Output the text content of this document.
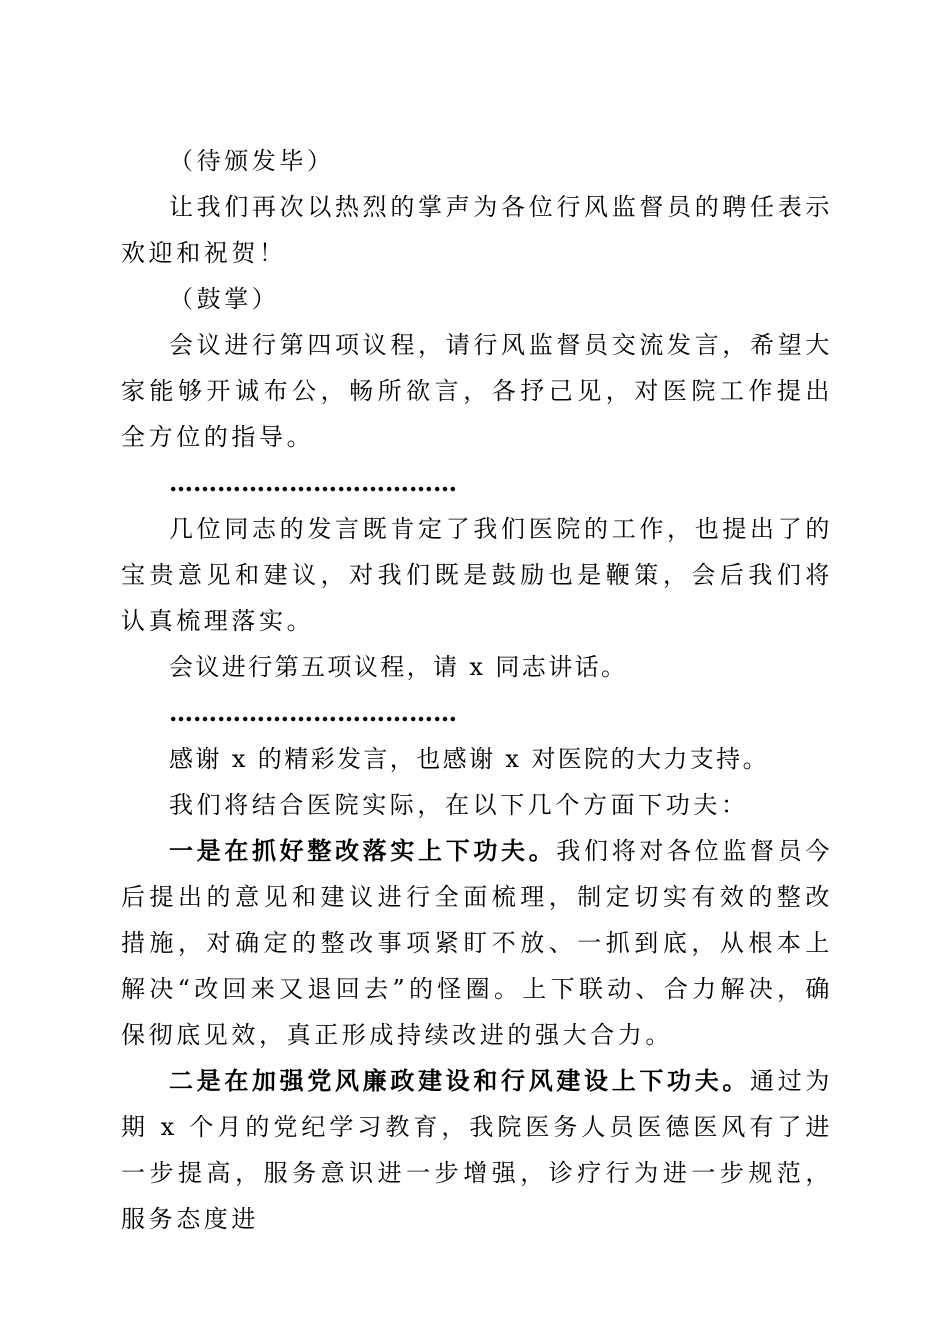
（待颁发毕）

让我们再次以热烈的掌声为各位行风监督员的聘任表示欢迎和祝贺！

（鼓掌）

会议进行第四项议程，请行风监督员交流发言，希望大家能够开诚布公，畅所欲言，各抒己见，对医院工作提出全方位的指导。

………………………………

几位同志的发言既肯定了我们医院的工作，也提出了的宝贵意见和建议，对我们既是鼓励也是鞭策，会后我们将认真梳理落实。

会议进行第五项议程，请 x 同志讲话。

………………………………

感谢 x 的精彩发言，也感谢 x 对医院的大力支持。

我们将结合医院实际，在以下几个方面下功夫：

一是在抓好整改落实上下功夫。我们将对各位监督员今后提出的意见和建议进行全面梳理，制定切实有效的整改措施，对确定的整改事项紧盯不放、一抓到底，从根本上解决“改回来又退回去”的怪圈。上下联动、合力解决，确保彻底见效，真正形成持续改进的强大合力。

二是在加强党风廉政建设和行风建设上下功夫。通过为期 x 个月的党纪学习教育，我院医务人员医德医风有了进一步提高，服务意识进一步增强，诊疗行为进一步规范，服务态度进
